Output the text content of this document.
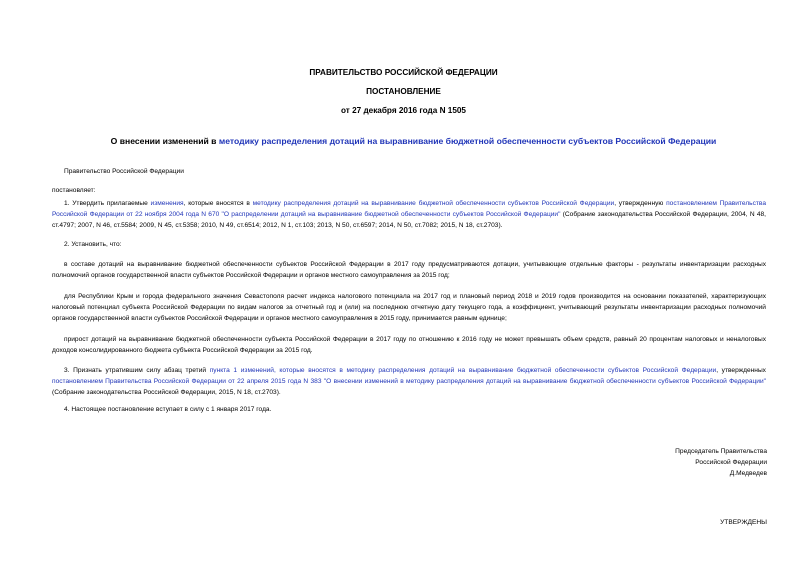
ПРАВИТЕЛЬСТВО РОССИЙСКОЙ ФЕДЕРАЦИИ
ПОСТАНОВЛЕНИЕ
от 27 декабря 2016 года N 1505
О внесении изменений в методику распределения дотаций на выравнивание бюджетной обеспеченности субъектов Российской Федерации
Правительство Российской Федерации
постановляет:
1. Утвердить прилагаемые изменения, которые вносятся в методику распределения дотаций на выравнивание бюджетной обеспеченности субъектов Российской Федерации, утвержденную постановлением Правительства Российской Федерации от 22 ноября 2004 года N 670 "О распределении дотаций на выравнивание бюджетной обеспеченности субъектов Российской Федерации" (Собрание законодательства Российской Федерации, 2004, N 48, ст.4797; 2007, N 46, ст.5584; 2009, N 45, ст.5358; 2010, N 49, ст.6514; 2012, N 1, ст.103; 2013, N 50, ст.6597; 2014, N 50, ст.7082; 2015, N 18, ст.2703).
2. Установить, что:
в составе дотаций на выравнивание бюджетной обеспеченности субъектов Российской Федерации в 2017 году предусматриваются дотации, учитывающие отдельные факторы - результаты инвентаризации расходных полномочий органов государственной власти субъектов Российской Федерации и органов местного самоуправления за 2015 год;
для Республики Крым и города федерального значения Севастополя расчет индекса налогового потенциала на 2017 год и плановый период 2018 и 2019 годов производится на основании показателей, характеризующих налоговый потенциал субъекта Российской Федерации по видам налогов за отчетный год и (или) на последнюю отчетную дату текущего года, а коэффициент, учитывающий результаты инвентаризации расходных полномочий органов государственной власти субъектов Российской Федерации и органов местного самоуправления в 2015 году, принимается равным единице;
прирост дотаций на выравнивание бюджетной обеспеченности субъекта Российской Федерации в 2017 году по отношению к 2016 году не может превышать объем средств, равный 20 процентам налоговых и неналоговых доходов консолидированного бюджета субъекта Российской Федерации за 2015 год.
3. Признать утратившим силу абзац третий пункта 1 изменений, которые вносятся в методику распределения дотаций на выравнивание бюджетной обеспеченности субъектов Российской Федерации, утвержденных постановлением Правительства Российской Федерации от 22 апреля 2015 года N 383 "О внесении изменений в методику распределения дотаций на выравнивание бюджетной обеспеченности субъектов Российской Федерации" (Собрание законодательства Российской Федерации, 2015, N 18, ст.2703).
4. Настоящее постановление вступает в силу с 1 января 2017 года.
Председатель Правительства
Российской Федерации
Д.Медведев
УТВЕРЖДЕНЫ
